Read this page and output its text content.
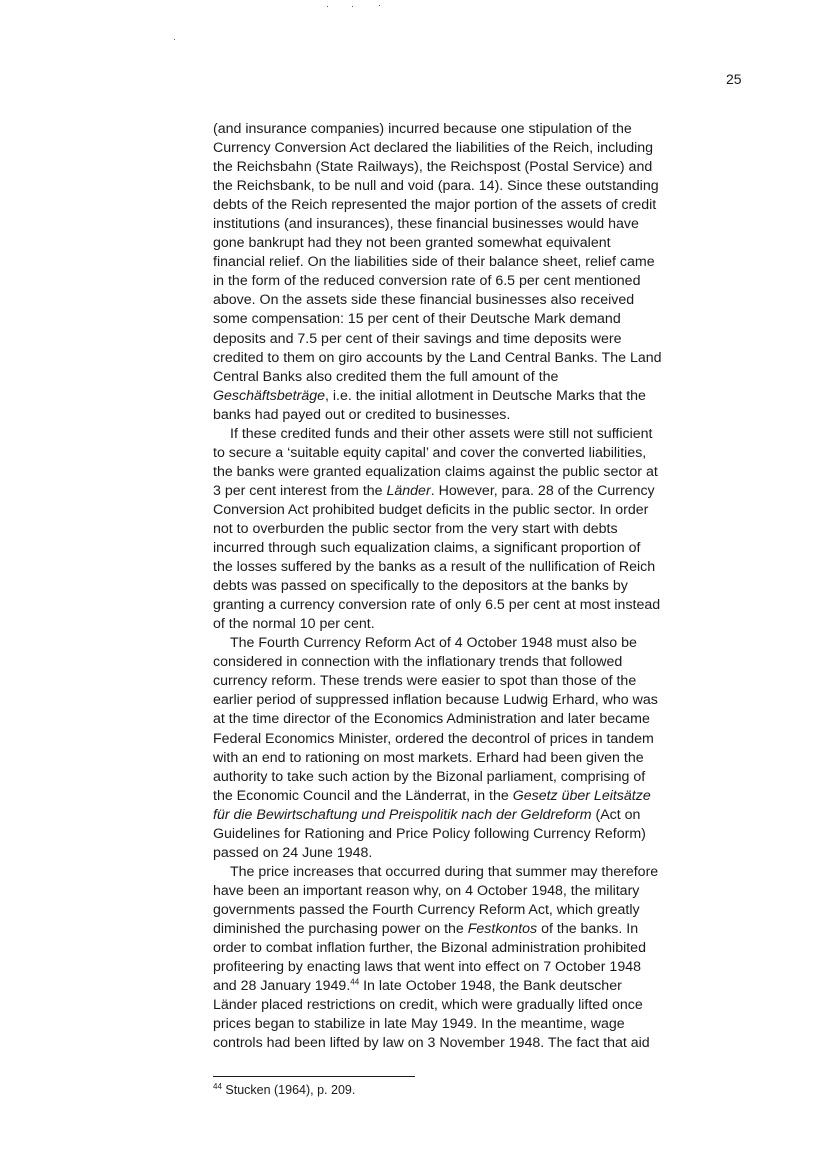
25
(and insurance companies) incurred because one stipulation of the
Currency Conversion Act declared the liabilities of the Reich, including
the Reichsbahn (State Railways), the Reichspost (Postal Service) and
the Reichsbank, to be null and void (para. 14). Since these outstanding
debts of the Reich represented the major portion of the assets of credit
institutions (and insurances), these financial businesses would have
gone bankrupt had they not been granted somewhat equivalent
financial relief. On the liabilities side of their balance sheet, relief came
in the form of the reduced conversion rate of 6.5 per cent mentioned
above. On the assets side these financial businesses also received
some compensation: 15 per cent of their Deutsche Mark demand
deposits and 7.5 per cent of their savings and time deposits were
credited to them on giro accounts by the Land Central Banks. The Land
Central Banks also credited them the full amount of the
Geschäftsbeträge, i.e. the initial allotment in Deutsche Marks that the
banks had payed out or credited to businesses.
If these credited funds and their other assets were still not sufficient
to secure a ‘suitable equity capital’ and cover the converted liabilities,
the banks were granted equalization claims against the public sector at
3 per cent interest from the Länder. However, para. 28 of the Currency
Conversion Act prohibited budget deficits in the public sector. In order
not to overburden the public sector from the very start with debts
incurred through such equalization claims, a significant proportion of
the losses suffered by the banks as a result of the nullification of Reich
debts was passed on specifically to the depositors at the banks by
granting a currency conversion rate of only 6.5 per cent at most instead
of the normal 10 per cent.
The Fourth Currency Reform Act of 4 October 1948 must also be
considered in connection with the inflationary trends that followed
currency reform. These trends were easier to spot than those of the
earlier period of suppressed inflation because Ludwig Erhard, who was
at the time director of the Economics Administration and later became
Federal Economics Minister, ordered the decontrol of prices in tandem
with an end to rationing on most markets. Erhard had been given the
authority to take such action by the Bizonal parliament, comprising of
the Economic Council and the Länderrat, in the Gesetz über Leitsätze
für die Bewirtschaftung und Preispolitik nach der Geldreform (Act on
Guidelines for Rationing and Price Policy following Currency Reform)
passed on 24 June 1948.
The price increases that occurred during that summer may therefore
have been an important reason why, on 4 October 1948, the military
governments passed the Fourth Currency Reform Act, which greatly
diminished the purchasing power on the Festkontos of the banks. In
order to combat inflation further, the Bizonal administration prohibited
profiteering by enacting laws that went into effect on 7 October 1948
and 28 January 1949.44 In late October 1948, the Bank deutscher
Länder placed restrictions on credit, which were gradually lifted once
prices began to stabilize in late May 1949. In the meantime, wage
controls had been lifted by law on 3 November 1948. The fact that aid
$^{44}$ Stucken (1964), p. 209.
